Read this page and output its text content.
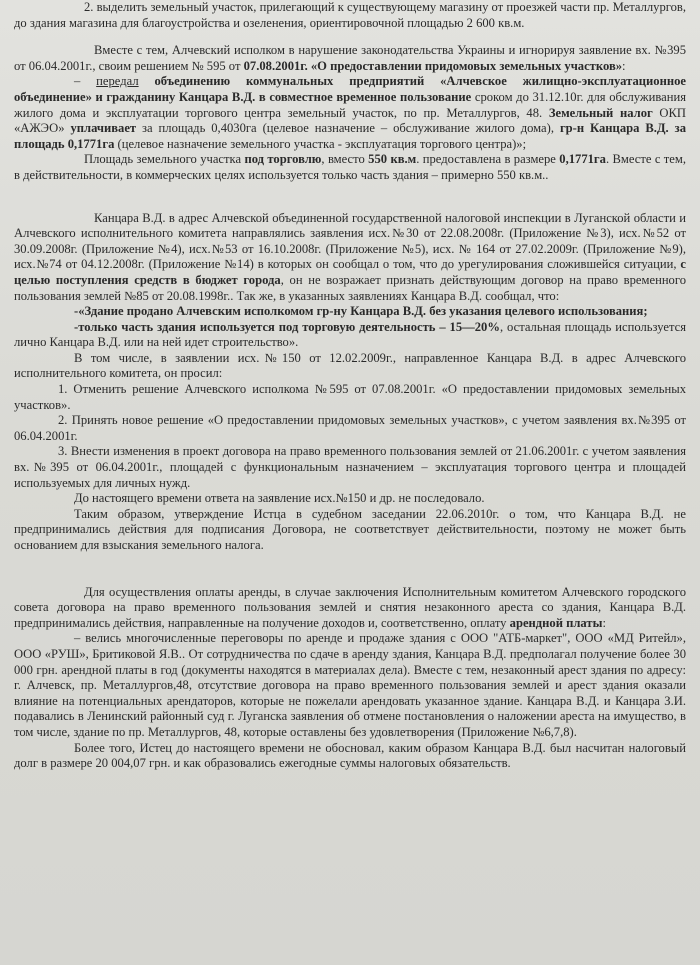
2. выделить земельный участок, прилегающий к существующему магазину от проезжей части пр. Металлургов, до здания магазина для благоустройства и озеленения, ориентировочной площадью 2 600 кв.м.

Вместе с тем, Алчевский исполком в нарушение законодательства Украины и игнорируя заявление вх. №395 от 06.04.2001г., своим решением № 595 от 07.08.2001г. «О предоставлении придомовых земельных участков»:

– передал объединению коммунальных предприятий «Алчевское жилищно-эксплуатационное объединение» и гражданину Канцара В.Д. в совместное временное пользование сроком до 31.12.10г. для обслуживания жилого дома и эксплуатации торгового центра земельный участок, по пр. Металлургов, 48. Земельный налог ОКП «АЖЭО» уплачивает за площадь 0,4030га (целевое назначение – обслуживание жилого дома), гр-н Канцара В.Д. за площадь 0,1771га (целевое назначение земельного участка - эксплуатация торгового центра)»;

Площадь земельного участка под торговлю, вместо 550 кв.м. предоставлена в размере 0,1771га. Вместе с тем, в действительности, в коммерческих целях используется только часть здания – примерно 550 кв.м..

Канцара В.Д. в адрес Алчевской объединенной государственной налоговой инспекции в Луганской области и Алчевского исполнительного комитета направлялись заявления исх.№30 от 22.08.2008г. (Приложение №3), исх.№52 от 30.09.2008г. (Приложение №4), исх.№53 от 16.10.2008г. (Приложение №5), исх. № 164 от 27.02.2009г. (Приложение №9), исх.№74 от 04.12.2008г. (Приложение №14) в которых он сообщал о том, что до урегулирования сложившейся ситуации, с целью поступления средств в бюджет города, он не возражает признать действующим договор на право временного пользования землей №85 от 20.08.1998г.. Так же, в указанных заявлениях Канцара В.Д. сообщал, что:

-«Здание продано Алчевским исполкомом гр-ну Канцара В.Д. без указания целевого использования;

-только часть здания используется под торговую деятельность – 15—20%, остальная площадь используется лично Канцара В.Д. или на ней идет строительство».

В том числе, в заявлении исх.№150 от 12.02.2009г., направленное Канцара В.Д. в адрес Алчевского исполнительного комитета, он просил:

1. Отменить решение Алчевского исполкома №595 от 07.08.2001г. «О предоставлении придомовых земельных участков».

2. Принять новое решение «О предоставлении придомовых земельных участков», с учетом заявления вх.№395 от 06.04.2001г.

3. Внести изменения в проект договора на право временного пользования землей от 21.06.2001г. с учетом заявления вх.№395 от 06.04.2001г., площадей с функциональным назначением – эксплуатация торгового центра и площадей используемых для личных нужд.

До настоящего времени ответа на заявление исх.№150 и др. не последовало.

Таким образом, утверждение Истца в судебном заседании 22.06.2010г. о том, что Канцара В.Д. не предпринимались действия для подписания Договора, не соответствует действительности, поэтому не может быть основанием для взыскания земельного налога.

Для осуществления оплаты аренды, в случае заключения Исполнительным комитетом Алчевского городского совета договора на право временного пользования землей и снятия незаконного ареста со здания, Канцара В.Д. предпринимались действия, направленные на получение доходов и, соответственно, оплату арендной платы:

– велись многочисленные переговоры по аренде и продаже здания с ООО "АТБ-маркет", ООО «МД Ритейл», ООО «РУШ», Бритиковой Я.В.. От сотрудничества по сдаче в аренду здания, Канцара В.Д. предполагал получение более 30 000 грн. арендной платы в год (документы находятся в материалах дела). Вместе с тем, незаконный арест здания по адресу: г. Алчевск, пр. Металлургов,48, отсутствие договора на право временного пользования землей и арест здания оказали влияние на потенциальных арендаторов, которые не пожелали арендовать указанное здание. Канцара В.Д. и Канцара З.И. подавались в Ленинский районный суд г. Луганска заявления об отмене постановления о наложении ареста на имущество, в том числе, здание по пр. Металлургов, 48, которые оставлены без удовлетворения (Приложение №6,7,8).

Более того, Истец до настоящего времени не обосновал, каким образом Канцара В.Д. был насчитан налоговый долг в размере 20 004,07 грн. и как образовались ежегодные суммы налоговых обязательств.
